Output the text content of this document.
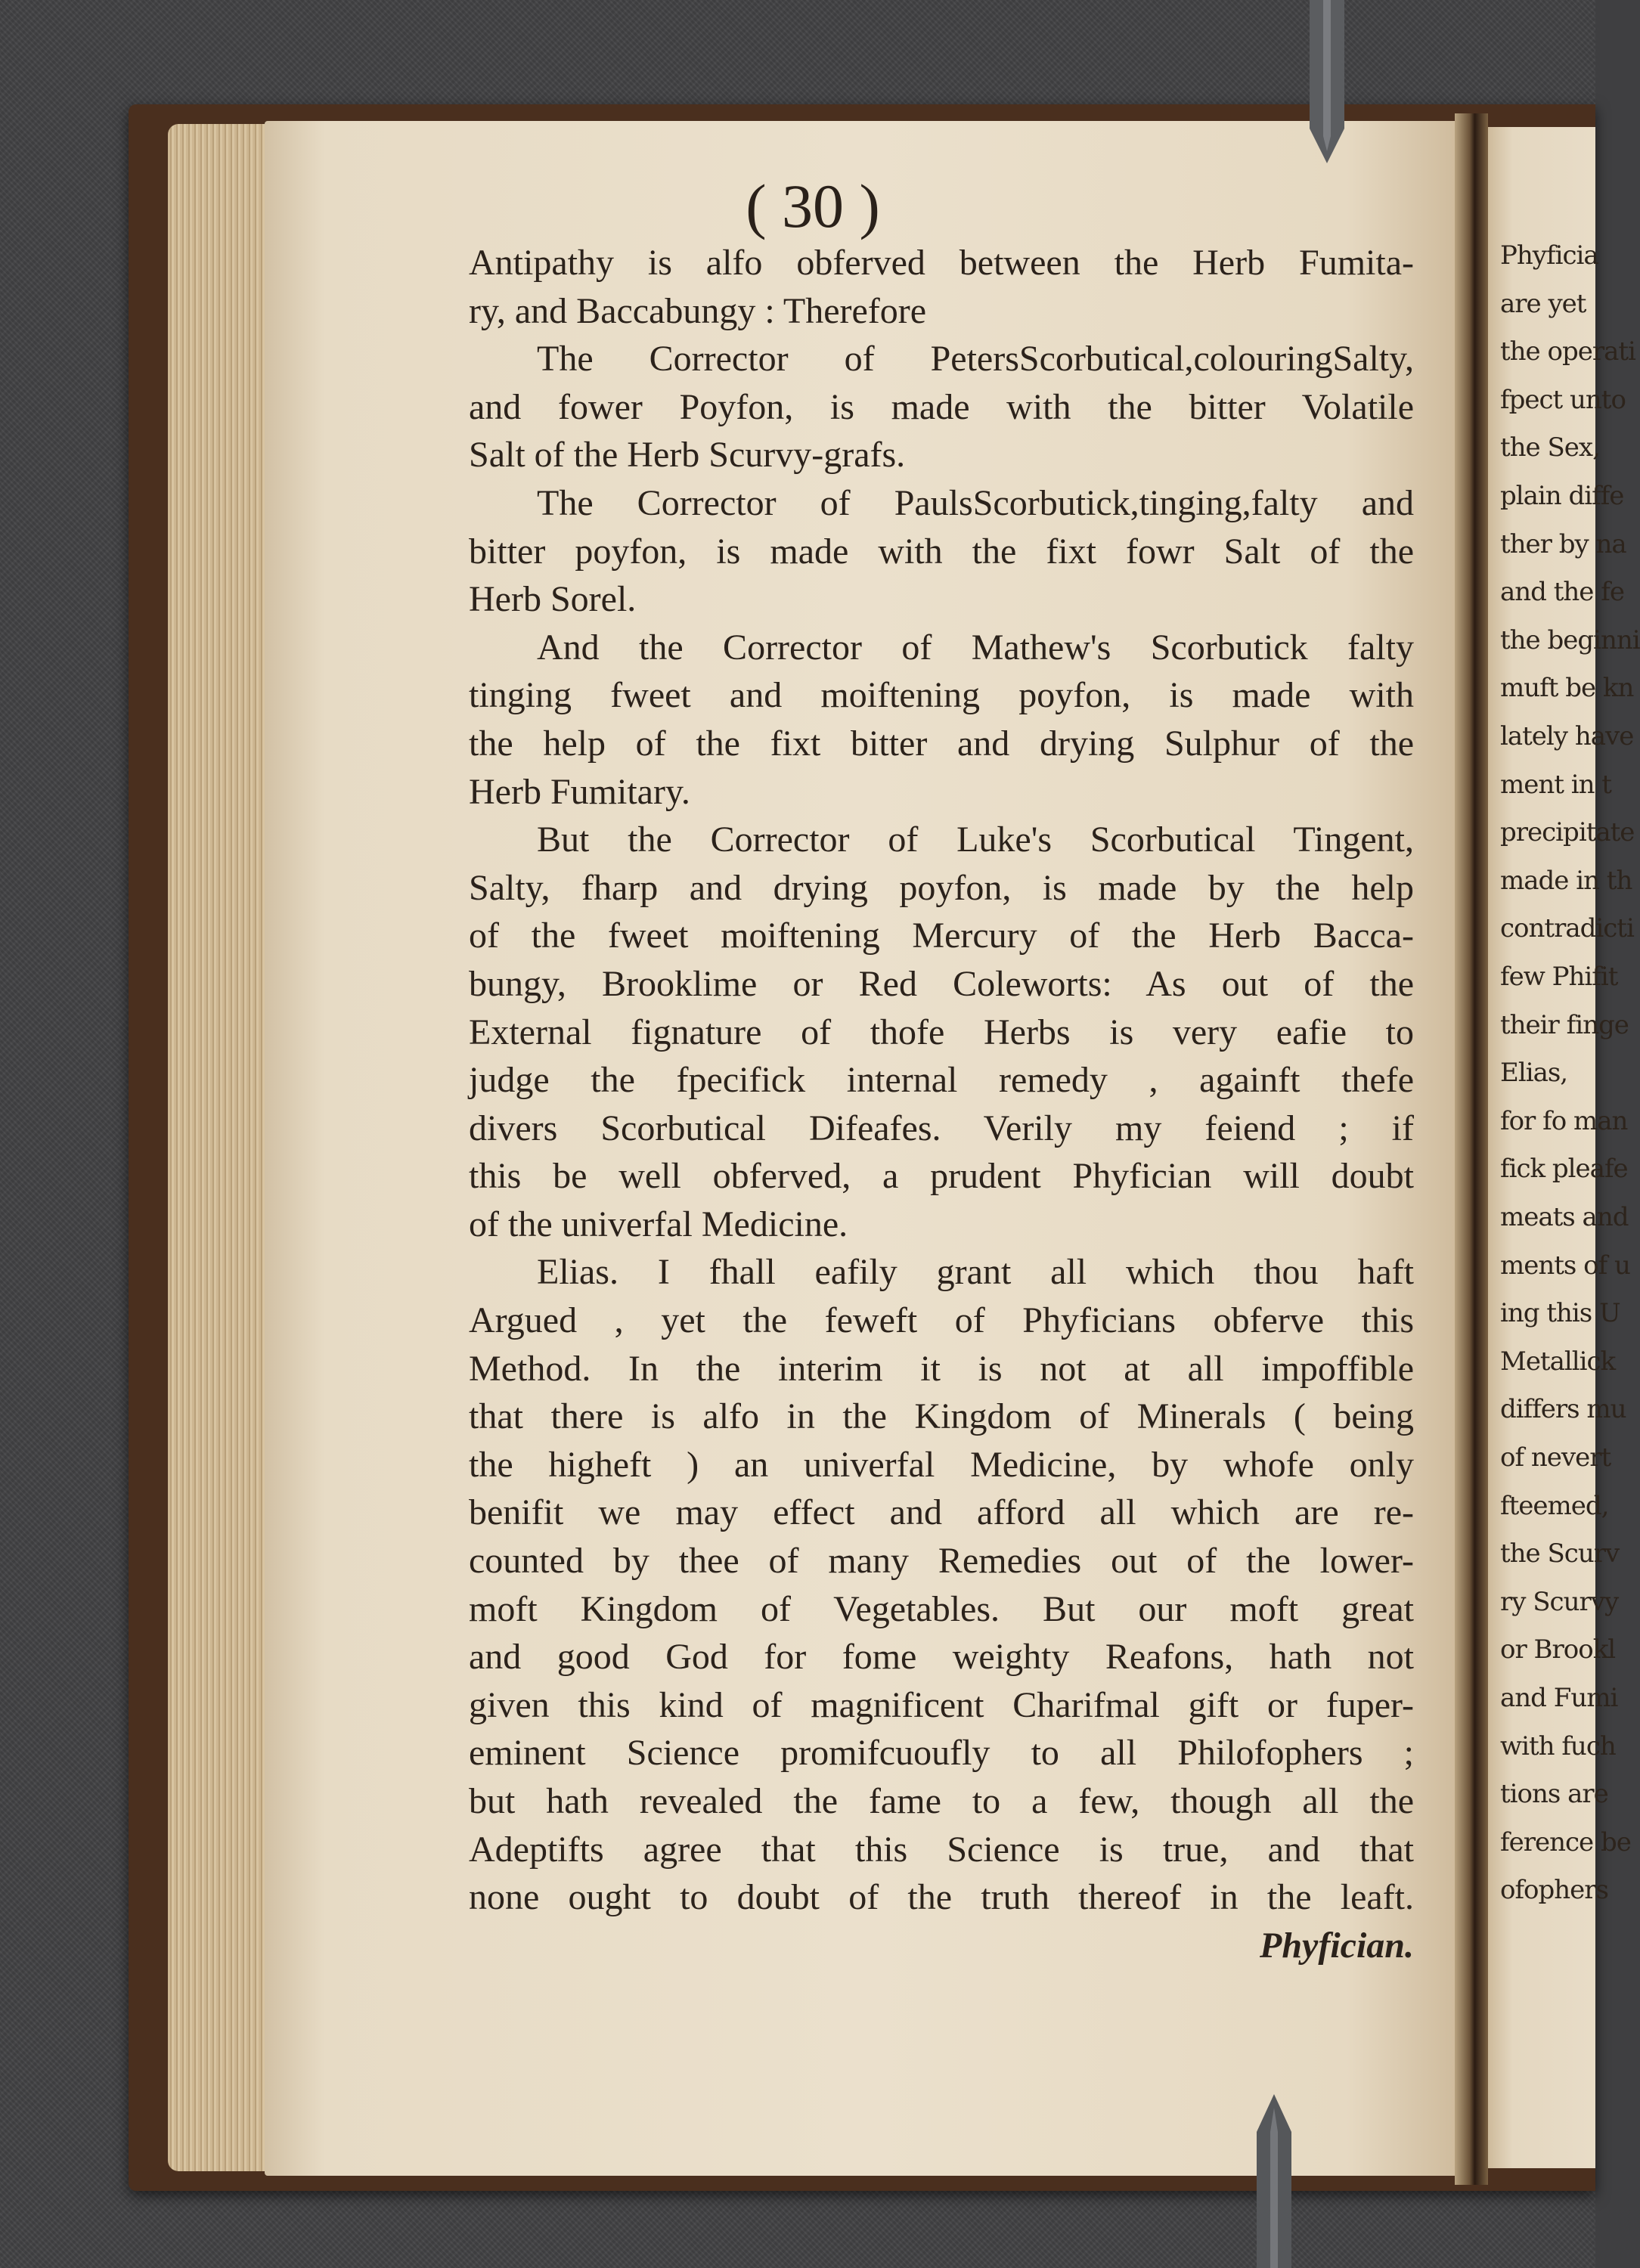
Phyficia
are yet
the operati
fpect unto
the Sex,
plain diffe
ther by na
and the fe
the beginni
muft be kn
lately have
ment in t
precipitate
made in th
contradicti
few Phifit
their finge
Elias,
for fo man
fick pleafe
meats and
ments of u
ing this U
Metallick
differs mu
of nevert
fteemed,
the Scurv
ry Scurvy
or Brookl
and Fumi
with fuch
tions are
ference be
ofophers
( 30 )
Antipathy is alfo obferved between the Herb Fumita-
ry, and Baccabungy : Therefore
The Corrector of PetersScorbutical,colouringSalty,
and fower Poyfon, is made with the bitter Volatile
Salt of the Herb Scurvy-grafs.
The Corrector of PaulsScorbutick,tinging,falty and
bitter poyfon, is made with the fixt fowr Salt of the
Herb Sorel.
And the Corrector of Mathew's Scorbutick falty
tinging fweet and moiftening poyfon, is made with
the help of the fixt bitter and drying Sulphur of the
Herb Fumitary.
But the Corrector of Luke's Scorbutical Tingent,
Salty, fharp and drying poyfon, is made by the help
of the fweet moiftening Mercury of the Herb Bacca-
bungy, Brooklime or Red Coleworts: As out of the
External fignature of thofe Herbs is very eafie to
judge the fpecifick internal remedy , againft thefe
divers Scorbutical Difeafes. Verily my feiend ; if
this be well obferved, a prudent Phyfician will doubt
of the univerfal Medicine.
Elias. I fhall eafily grant all which thou haft
Argued , yet the feweft of Phyficians obferve this
Method. In the interim it is not at all impoffible
that there is alfo in the Kingdom of Minerals ( being
the higheft ) an univerfal Medicine, by whofe only
benifit we may effect and afford all which are re-
counted by thee of many Remedies out of the lower-
moft Kingdom of Vegetables. But our moft great
and good God for fome weighty Reafons, hath not
given this kind of magnificent Charifmal gift or fuper-
eminent Science promifcuoufly to all Philofophers ;
but hath revealed the fame to a few, though all the
Adeptifts agree that this Science is true, and that
none ought to doubt of the truth thereof in the leaft.
Phyfician.
